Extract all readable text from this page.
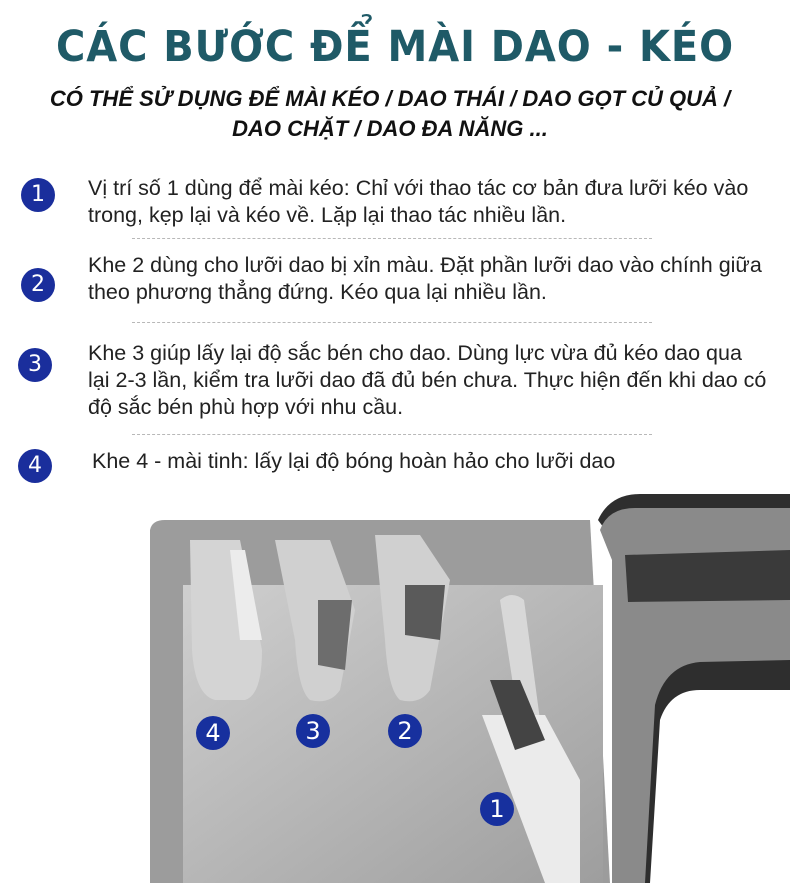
CÁC BƯỚC ĐỂ MÀI DAO - KÉO
CÓ THỂ SỬ DỤNG ĐỂ MÀI KÉO / DAO THÁI / DAO GỌT CỦ QUẢ / DAO CHẶT / DAO ĐA NĂNG ...
1	Vị trí số 1 dùng để mài kéo: Chỉ với thao tác cơ bản đưa lưỡi kéo vào trong, kẹp lại và kéo về. Lặp lại thao tác nhiều lần.
2
Khe 2 dùng cho lưỡi dao bị xỉn màu. Đặt phần lưỡi dao vào chính giữa theo phương thẳng đứng. Kéo qua lại nhiều lần.
3	Khe 3 giúp lấy lại độ sắc bén cho dao. Dùng lực vừa đủ kéo dao qua lại 2-3 lần, kiểm tra lưỡi dao đã đủ bén chưa. Thực hiện đến khi dao có độ sắc bén phù hợp với nhu cầu.
4	Khe 4 - mài tinh: lấy lại độ bóng hoàn hảo cho lưỡi dao
4	3	2
1
